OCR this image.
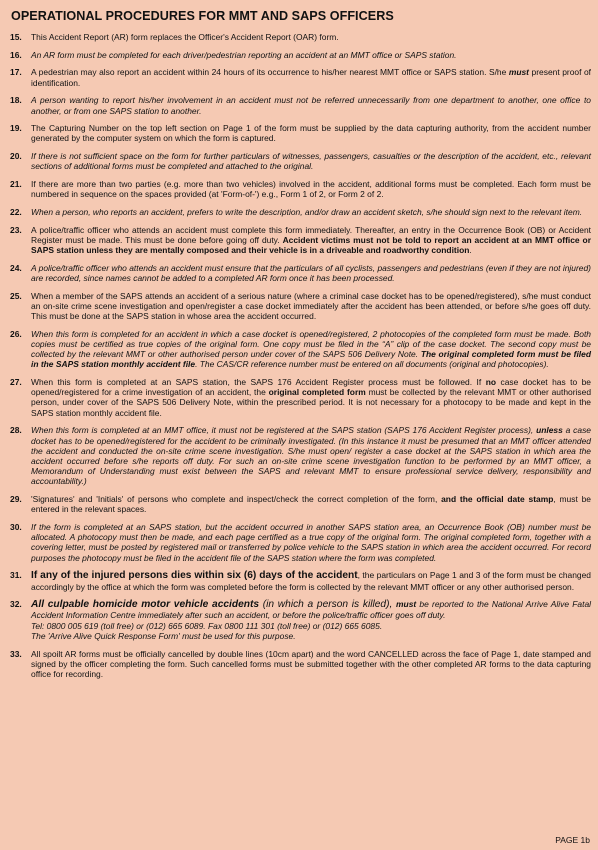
OPERATIONAL PROCEDURES FOR MMT AND SAPS OFFICERS
15.	This Accident Report (AR) form replaces the Officer's Accident Report (OAR) form.
16.	An AR form must be completed for each driver/pedestrian reporting an accident at an MMT office or SAPS station.
17.	A pedestrian may also report an accident within 24 hours of its occurrence to his/her nearest MMT office or SAPS station. S/he must present proof of identification.
18.	A person wanting to report his/her involvement in an accident must not be referred unnecessarily from one department to another, one office to another, or from one SAPS station to another.
19.	The Capturing Number on the top left section on Page 1 of the form must be supplied by the data capturing authority, from the accident number generated by the computer system on which the form is captured.
20.	If there is not sufficient space on the form for further particulars of witnesses, passengers, casualties or the description of the accident, etc., relevant sections of additional forms must be completed and attached to the original.
21.	If there are more than two parties (e.g. more than two vehicles) involved in the accident, additional forms must be completed. Each form must be numbered in sequence on the spaces provided (at 'Form-of-') e.g., Form 1 of 2, or Form 2 of 2.
22.	When a person, who reports an accident, prefers to write the description, and/or draw an accident sketch, s/he should sign next to the relevant item.
23.	A police/traffic officer who attends an accident must complete this form immediately. Thereafter, an entry in the Occurrence Book (OB) or Accident Register must be made. This must be done before going off duty. Accident victims must not be told to report an accident at an MMT office or SAPS station unless they are mentally composed and their vehicle is in a driveable and roadworthy condition.
24.	A police/traffic officer who attends an accident must ensure that the particulars of all cyclists, passengers and pedestrians (even if they are not injured) are recorded, since names cannot be added to a completed AR form once it has been processed.
25.	When a member of the SAPS attends an accident of a serious nature (where a criminal case docket has to be opened/registered), s/he must conduct an on-site crime scene investigation and open/register a case docket immediately after the accident has been attended, or before s/he goes off duty. This must be done at the SAPS station in whose area the accident occurred.
26.	When this form is completed for an accident in which a case docket is opened/registered, 2 photocopies of the completed form must be made. Both copies must be certified as true copies of the original form. One copy must be filed in the “A” clip of the case docket. The second copy must be collected by the relevant MMT or other authorised person under cover of the SAPS 506 Delivery Note. The original completed form must be filed in the SAPS station monthly accident file. The CAS/CR reference number must be entered on all documents (original and photocopies).
27.	When this form is completed at an SAPS station, the SAPS 176 Accident Register process must be followed. If no case docket has to be opened/registered for a crime investigation of an accident, the original completed form must be collected by the relevant MMT or other authorised person, under cover of the SAPS 506 Delivery Note, within the prescribed period. It is not necessary for a photocopy to be made and kept in the SAPS station monthly accident file.
28.	When this form is completed at an MMT office, it must not be registered at the SAPS station (SAPS 176 Accident Register process), unless a case docket has to be opened/registered for the accident to be criminally investigated. (In this instance it must be presumed that an MMT officer attended the accident and conducted the on-site crime scene investigation. S/he must open/ register a case docket at the SAPS station in which area the accident occurred before s/he reports off duty. For such an on-site crime scene investigation function to be performed by an MMT officer, a Memorandum of Understanding must exist between the SAPS and relevant MMT to ensure professional service delivery, responsibility and accountability.)
29.	'Signatures' and 'Initials' of persons who complete and inspect/check the correct completion of the form, and the official date stamp, must be entered in the relevant spaces.
30.	If the form is completed at an SAPS station, but the accident occurred in another SAPS station area, an Occurrence Book (OB) number must be allocated. A photocopy must then be made, and each page certified as a true copy of the original form. The original completed form, together with a covering letter, must be posted by registered mail or transferred by police vehicle to the SAPS station in which area the accident occurred. For record purposes the photocopy must be filed in the accident file of the SAPS station where the form was completed.
31. If any of the injured persons dies within six (6) days of the accident, the particulars on Page 1 and 3 of the form must be changed accordingly by the office at which the form was completed before the form is collected by the relevant MMT officer or any other authorised person.
32. All culpable homicide motor vehicle accidents (in which a person is killed), must be reported to the National Arrive Alive Fatal Accident Information Centre immediately after such an accident, or before the police/traffic officer goes off duty.
Tel: 0800 005 619 (toll free) or (012) 665 6089. Fax 0800 111 301 (toll free) or (012) 665 6085.
The 'Arrive Alive Quick Response Form' must be used for this purpose.
33.	All spoilt AR forms must be officially cancelled by double lines (10cm apart) and the word CANCELLED across the face of Page 1, date stamped and signed by the officer completing the form. Such cancelled forms must be submitted together with the other completed AR forms to the data capturing office for recording.
PAGE 1b
